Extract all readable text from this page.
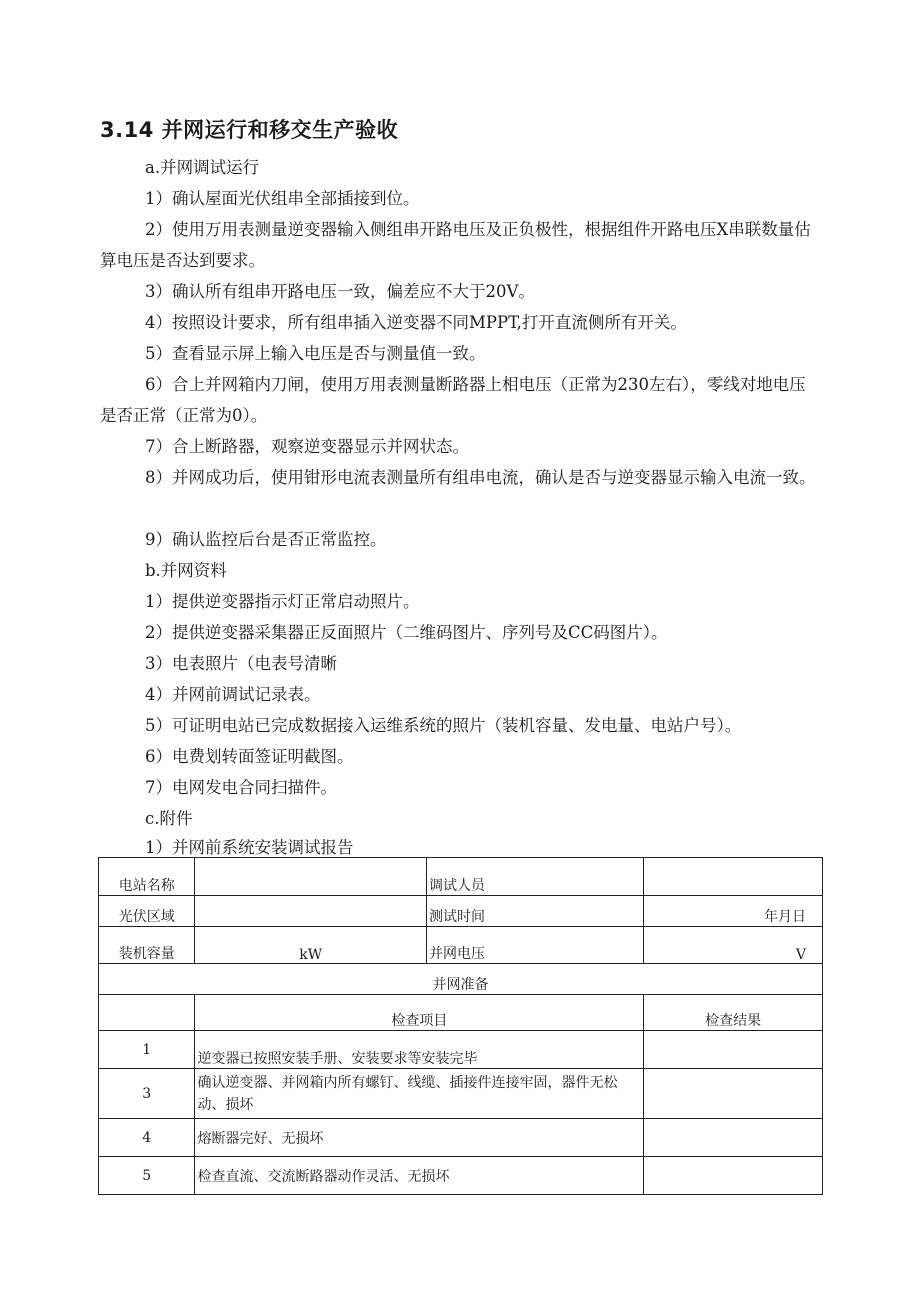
3.14 并网运行和移交生产验收

a.并网调试运行

1）确认屋面光伏组串全部插接到位。

2）使用万用表测量逆变器输入侧组串开路电压及正负极性，根据组件开路电压X串联数量估算电压是否达到要求。

3）确认所有组串开路电压一致，偏差应不大于20V。

4）按照设计要求，所有组串插入逆变器不同MPPT,打开直流侧所有开关。

5）查看显示屏上输入电压是否与测量值一致。

6）合上并网箱内刀闸，使用万用表测量断路器上相电压（正常为230左右），零线对地电压是否正常（正常为0）。

7）合上断路器，观察逆变器显示并网状态。

8）并网成功后，使用钳形电流表测量所有组串电流，确认是否与逆变器显示输入电流一致。

9）确认监控后台是否正常监控。

b.并网资料

1）提供逆变器指示灯正常启动照片。

2）提供逆变器采集器正反面照片（二维码图片、序列号及CC码图片）。

3）电表照片（电表号清晰

4）并网前调试记录表。

5）可证明电站已完成数据接入运维系统的照片（装机容量、发电量、电站户号）。

6）电费划转面签证明截图。

7）电网发电合同扫描件。

c.附件

1）并网前系统安装调试报告

电站名称		调试人员	
光伏区域		测试时间	年月日
装机容量	kW	并网电压	V
并网准备			
	检查项目		检查结果
1	逆变器已按照安装手册、安装要求等安装完毕		
3	确认逆变器、并网箱内所有螺钉、线缆、插接件连接牢固，器件无松动、损坏		
4	熔断器完好、无损坏		
5	检查直流、交流断路器动作灵活、无损坏		
